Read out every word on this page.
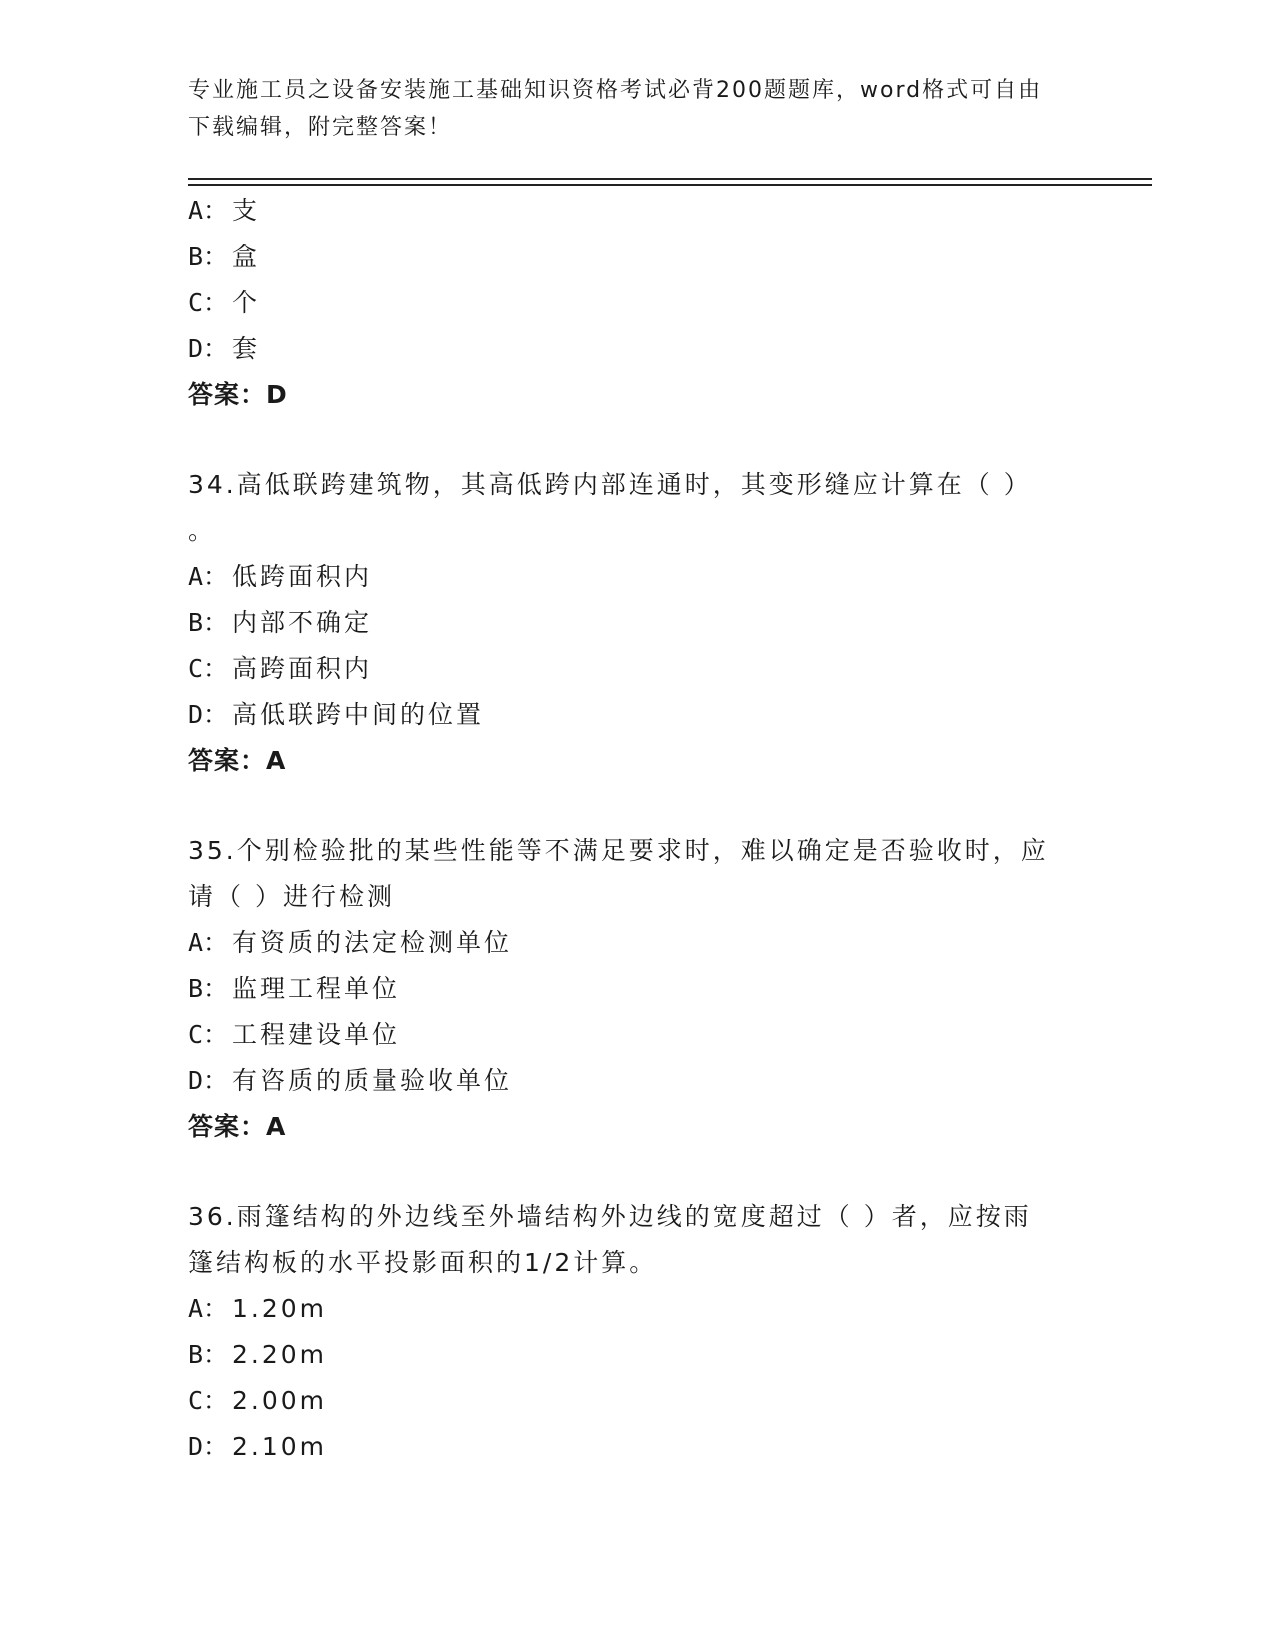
专业施工员之设备安装施工基础知识资格考试必背200题题库，word格式可自由
下载编辑，附完整答案！
A： 支
B： 盒
C： 个
D： 套
答案：D
34.高低联跨建筑物，其高低跨内部连通时，其变形缝应计算在（ ）
。
A： 低跨面积内
B： 内部不确定
C： 高跨面积内
D： 高低联跨中间的位置
答案：A
35.个别检验批的某些性能等不满足要求时，难以确定是否验收时，应
请（ ）进行检测
A： 有资质的法定检测单位
B： 监理工程单位
C： 工程建设单位
D： 有咨质的质量验收单位
答案：A
36.雨篷结构的外边线至外墙结构外边线的宽度超过（ ）者，应按雨
篷结构板的水平投影面积的1/2计算。
A： 1.20m
B： 2.20m
C： 2.00m
D： 2.10m
